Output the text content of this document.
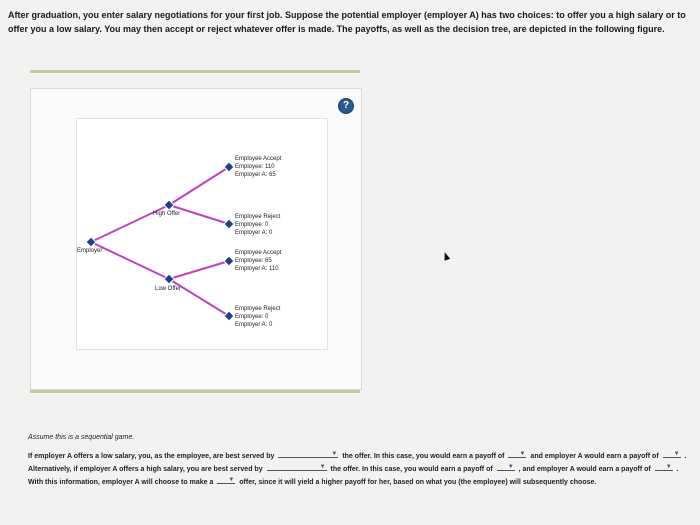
After graduation, you enter salary negotiations for your first job. Suppose the potential employer (employer A) has two choices: to offer you a high salary or to offer you a low salary. You may then accept or reject whatever offer is made. The payoffs, as well as the decision tree, are depicted in the following figure.
?
Employer
High Offer
Low Offer
Employee Accept
Employee: 110
Employer A: 65
Employee Reject
Employee: 0
Employer A: 0
Employee Accept
Employee: 65
Employer A: 110
Employee Reject
Employee: 0
Employer A: 0
Assume this is a sequential game.
If employer A offers a low salary, you, as the employee, are best served by	▼ the offer. In this case, you would earn a payoff of	▼ and employer A would earn a payoff of	▼ . Alternatively, if employer A offers a high salary, you are best served by	▼ the offer. In this case, you would earn a payoff of	▼ , and employer A would earn a payoff of	▼ . With this information, employer A will choose to make a	▼ offer, since it will yield a higher payoff for her, based on what you (the employee) will subsequently choose.
